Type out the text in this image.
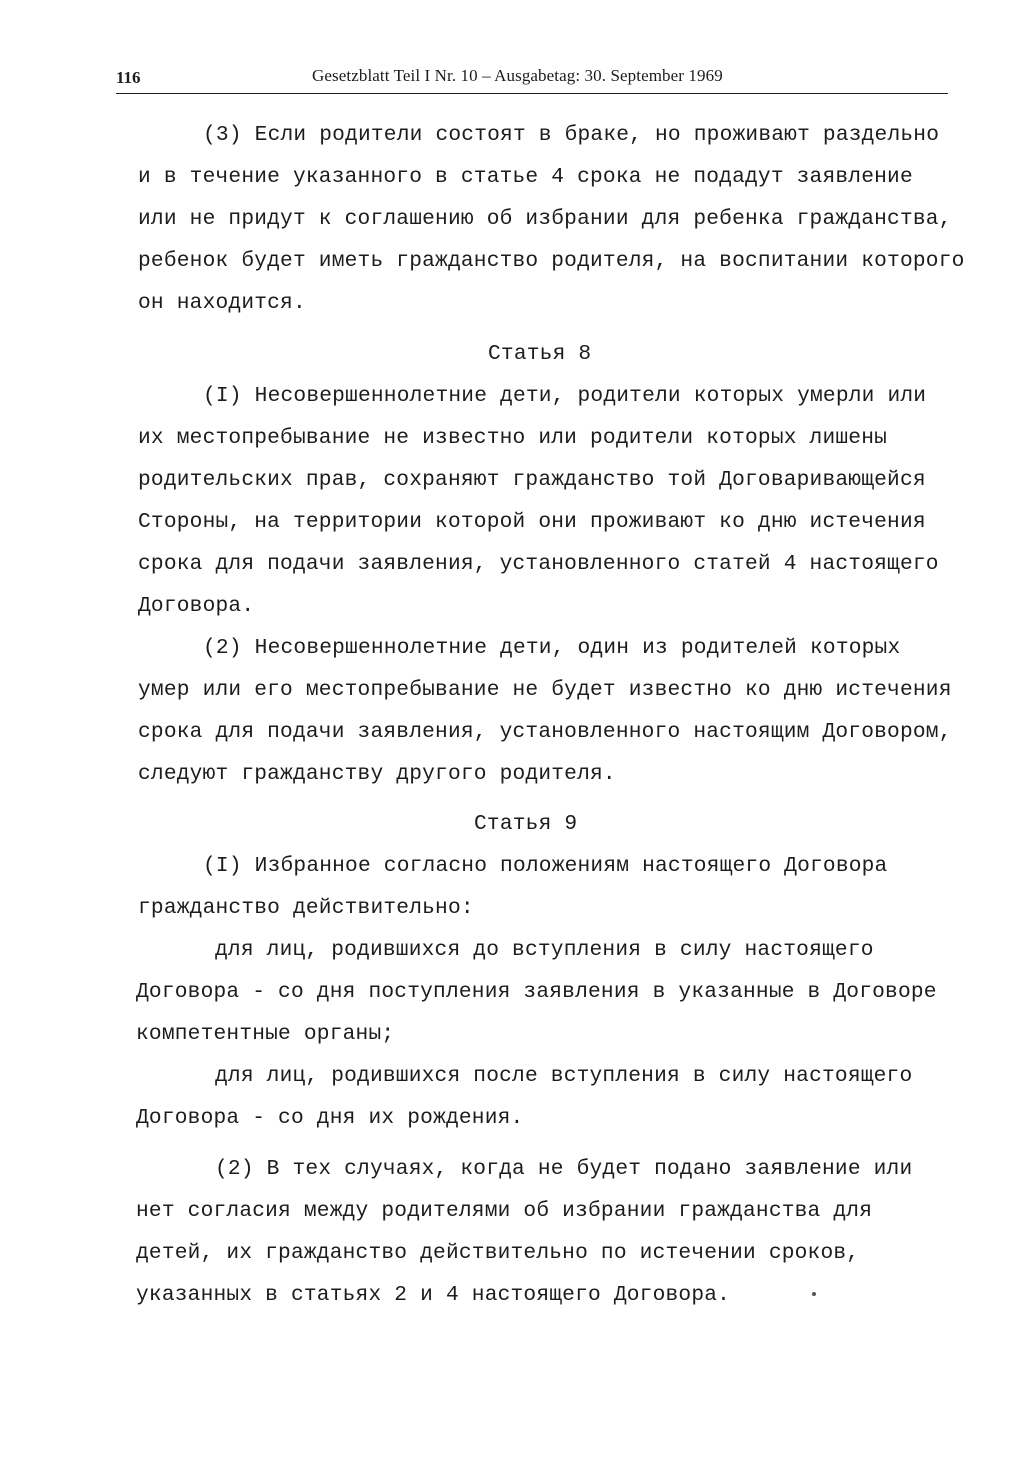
116	Gesetzblatt Teil I Nr. 10 – Ausgabetag: 30. September 1969
(3) Если родители состоят в браке, но проживают раздельно
и в течение указанного в статье 4 срока не подадут заявление
или не придут к соглашению об избрании для ребенка гражданства,
ребенок будет иметь гражданство родителя, на воспитании которого
он находится.
Статья 8
(I) Несовершеннолетние дети, родители которых умерли или
их местопребывание не известно или родители которых лишены
родительских прав, сохраняют гражданство той Договаривающейся
Стороны, на территории которой они проживают ко дню истечения
срока для подачи заявления, установленного статей 4 настоящего
Договора.
(2) Несовершеннолетние дети, один из родителей которых
умер или его местопребывание не будет известно ко дню истечения
срока для подачи заявления, установленного настоящим Договором,
следуют гражданству другого родителя.
Статья 9
(I) Избранное согласно положениям настоящего Договора
гражданство действительно:
для лиц, родившихся до вступления в силу настоящего
Договора - со дня поступления заявления в указанные в Договоре
компетентные органы;
для лиц, родившихся после вступления в силу настоящего
Договора - со дня их рождения.
(2) В тех случаях, когда не будет подано заявление или
нет согласия между родителями об избрании гражданства для
детей, их гражданство действительно по истечении сроков,
указанных в статьях 2 и 4 настоящего Договора.
